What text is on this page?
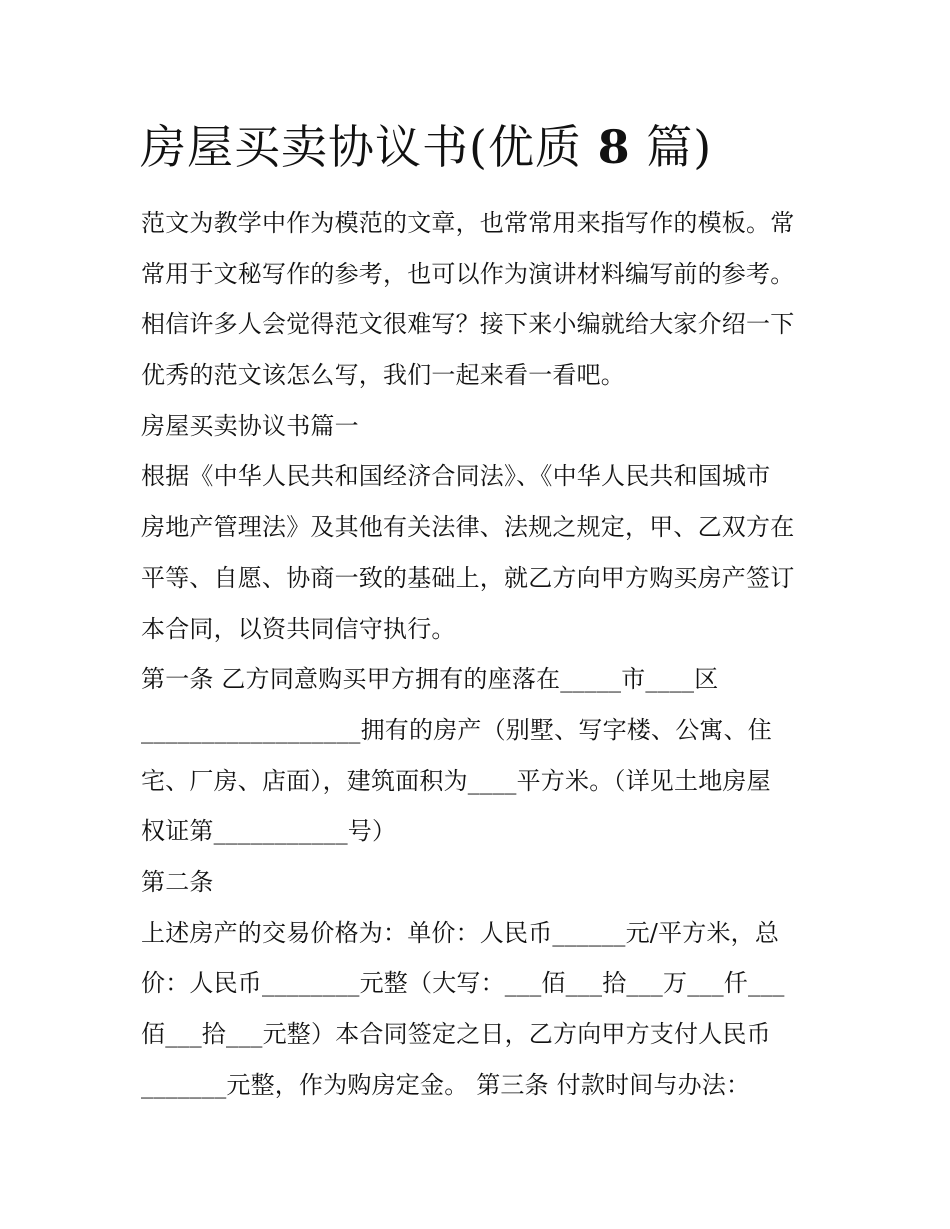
房屋买卖协议书(优质 8 篇)
范文为教学中作为模范的文章，也常常用来指写作的模板。常
常用于文秘写作的参考，也可以作为演讲材料编写前的参考。
相信许多人会觉得范文很难写？接下来小编就给大家介绍一下
优秀的范文该怎么写，我们一起来看一看吧。
房屋买卖协议书篇一
根据《中华人民共和国经济合同法》、《中华人民共和国城市
房地产管理法》及其他有关法律、法规之规定，甲、乙双方在
平等、自愿、协商一致的基础上，就乙方向甲方购买房产签订
本合同，以资共同信守执行。
第一条 乙方同意购买甲方拥有的座落在_____市____区
__________________拥有的房产（别墅、写字楼、公寓、住
宅、厂房、店面），建筑面积为____平方米。（详见土地房屋
权证第___________号）
第二条
上述房产的交易价格为：单价：人民币______元/平方米，总
价：人民币________元整（大写：___佰___拾___万___仟___
佰___拾___元整）本合同签定之日，乙方向甲方支付人民币
_______元整，作为购房定金。 第三条 付款时间与办法：
